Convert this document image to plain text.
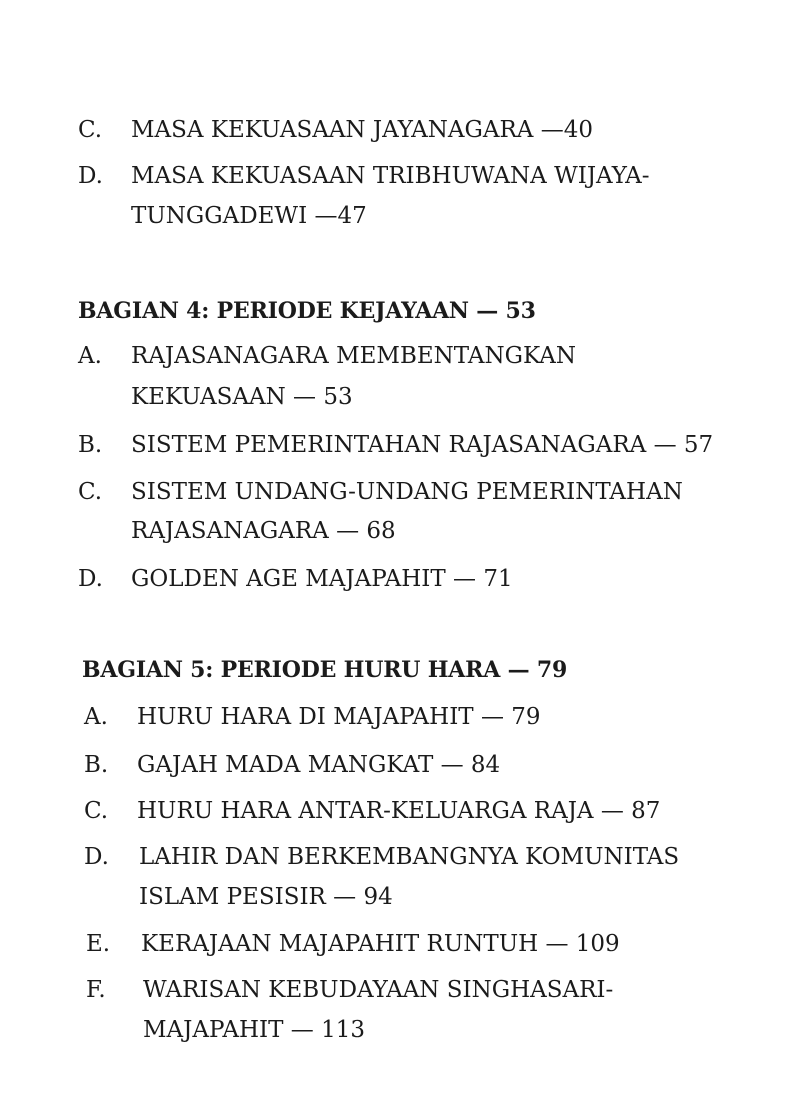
C. MASA KEKUASAAN JAYANAGARA —40
D. MASA KEKUASAAN TRIBHUWANA WIJAYA-
TUNGGADEWI —47
BAGIAN 4: PERIODE KEJAYAAN — 53
A. RAJASANAGARA MEMBENTANGKAN
KEKUASAAN — 53
B. SISTEM PEMERINTAHAN RAJASANAGARA — 57
C. SISTEM UNDANG-UNDANG PEMERINTAHAN
RAJASANAGARA — 68
D. GOLDEN AGE MAJAPAHIT — 71
BAGIAN 5: PERIODE HURU HARA — 79
A. HURU HARA DI MAJAPAHIT — 79
B. GAJAH MADA MANGKAT — 84
C. HURU HARA ANTAR-KELUARGA RAJA — 87
D. LAHIR DAN BERKEMBANGNYA KOMUNITAS
ISLAM PESISIR — 94
E. KERAJAAN MAJAPAHIT RUNTUH — 109
F. WARISAN KEBUDAYAAN SINGHASARI-
MAJAPAHIT — 113
